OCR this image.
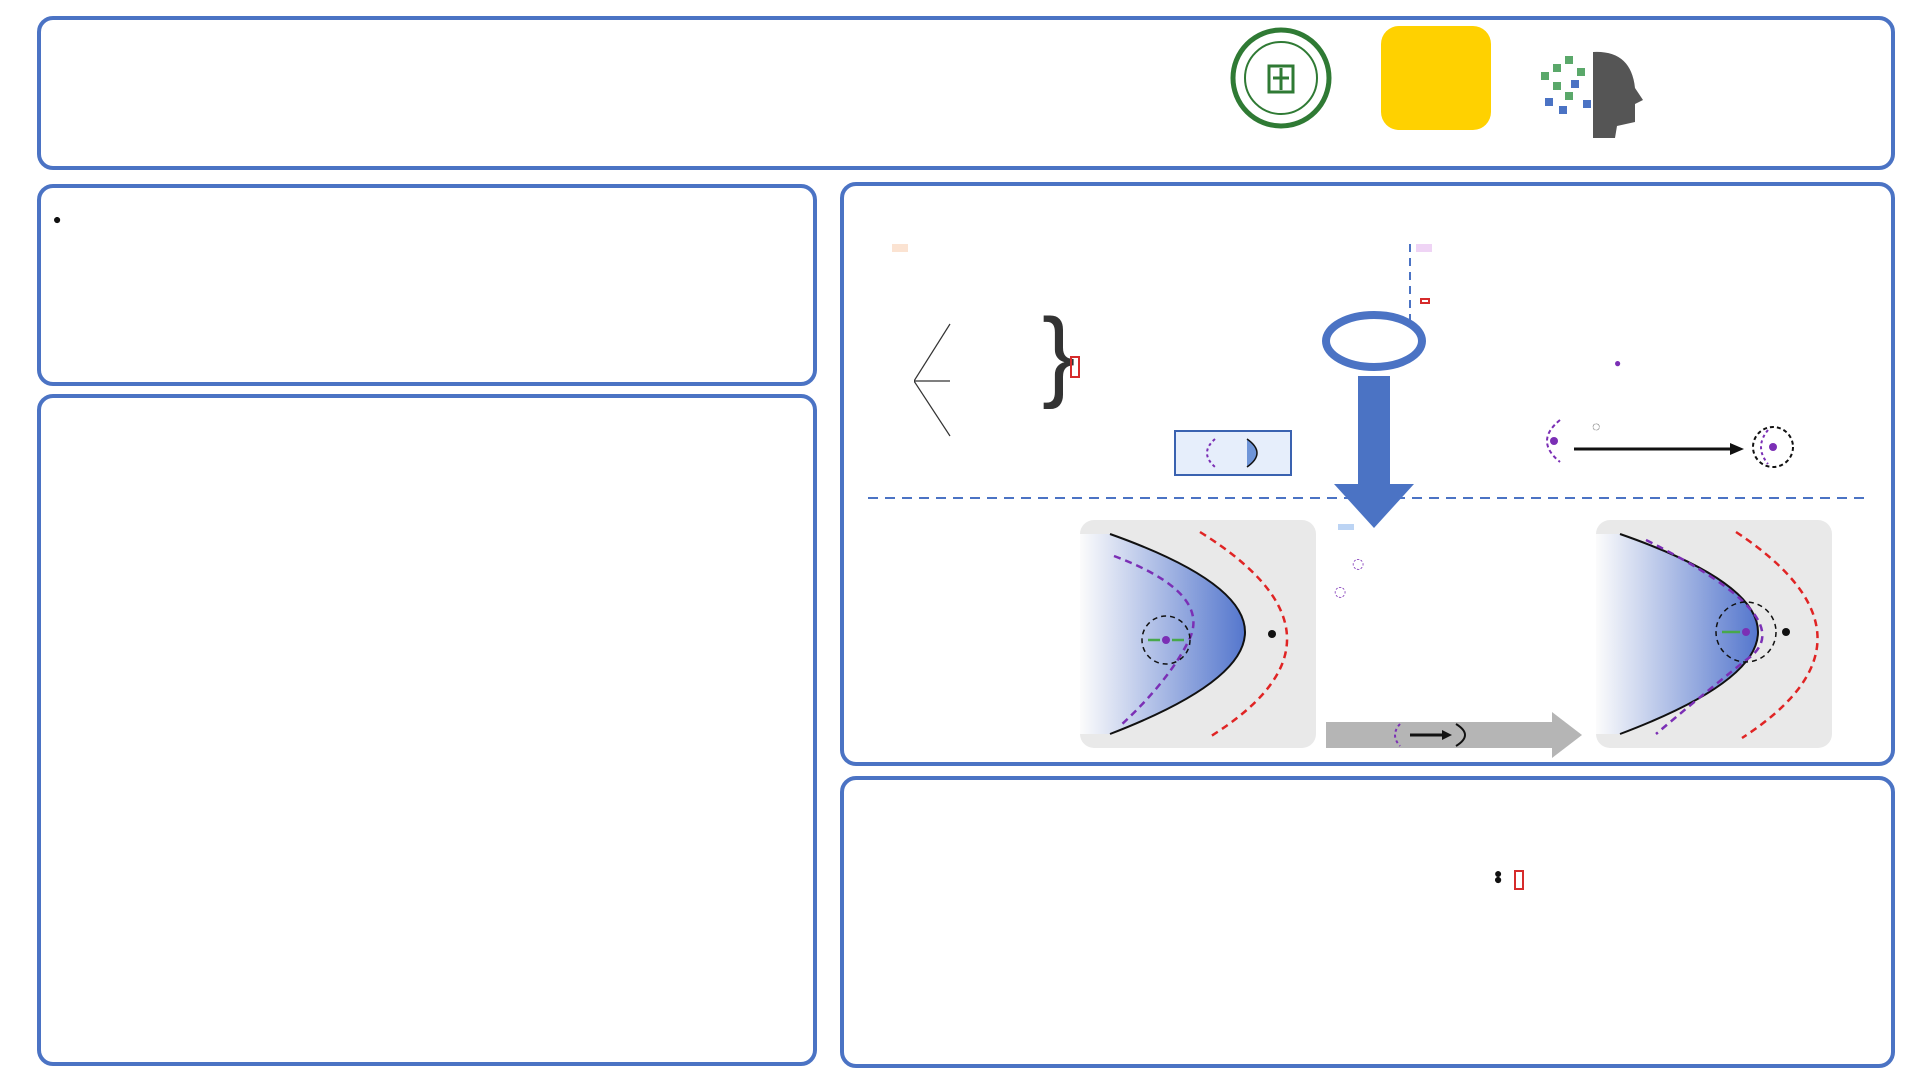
}	●
◌
◌
◌
●
